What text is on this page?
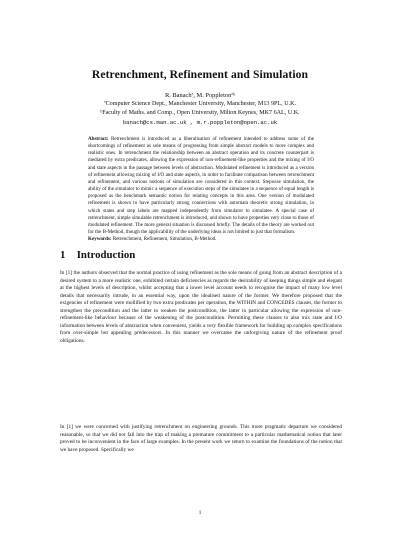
Retrenchment, Refinement and Simulation
R. Banachª, M. Poppletonªᵇ
ªComputer Science Dept., Manchester University, Manchester, M13 9PL, U.K.
ᵇFaculty of Maths. and Comp., Open University, Milton Keynes, MK7 6AL, U.K.
banach@cs.man.ac.uk , m.r.poppleton@open.ac.uk
Abstract: Retrenchment is introduced as a liberalisation of refinement intended to address some of the shortcomings of refinement as sole means of progressing from simple abstract models to more complex and realistic ones. In retrenchment the relationship between an abstract operation and its concrete counterpart is mediated by extra predicates, allowing the expression of non-refinement-like properties and the mixing of I/O and state aspects in the passage between levels of abstraction. Modulated refinement is introduced as a version of refinement allowing mixing of I/O and state aspects, in order to facilitate comparison between retrenchment and refinement, and various notions of simulation are considered in this context. Stepwise simulation, the ability of the simulator to mimic a sequence of execution steps of the simulatee in a sequence of equal length is proposed as the benchmark semantic notion for relating concepts in this area. One version of modulated refinement is shown to have particularly strong connections with automata theoretic strong simulation, in which states and step labels are mapped independently from simulator to simulatee. A special case of retrenchment, simple simulable retrenchment is introduced, and shown to have properties very close to those of modulated refinement. The more general situation is discussed briefly. The details of the theory are worked out for the B-Method, though the applicability of the underlying ideas is not limited to just that formalism.
Keywords: Retrenchment, Refinement, Simulation, B-Method.
1 Introduction
In [1] the authors observed that the normal practice of using refinement as the sole means of going from an abstract description of a desired system to a more realistic one, exhibited certain deficiencies as regards the desirability of keeping things simple and elegant at the highest levels of description, whilst accepting that a lower level account needs to recognise the impact of many low level details that necessarily intrude, in an essential way, upon the idealised nature of the former. We therefore proposed that the exigencies of refinement were mollified by two extra predicates per operation, the WITHIN and CONCEDES clauses, the former to strengthen the precondition and the latter to weaken the postcondition, the latter in particular allowing the expression of non-refinement-like behaviour because of the weakening of the postcondition. Permitting these clauses to also mix state and I/O information between levels of abstraction when convenient, yields a very flexible framework for building up complex specifications from over-simple but appealing predecessors. In this manner we overcame the unforgiving nature of the refinement proof obligations.
In [1] we were concerned with justifying retrenchment on engineering grounds. This more pragmatic departure we considered reasonable, so that we did not fall into the trap of making a premature commitment to a particular mathematical notion that later proved to be inconvenient in the face of large examples. In the present work we return to examine the foundations of the notion that we have proposed. Specifically we
1
